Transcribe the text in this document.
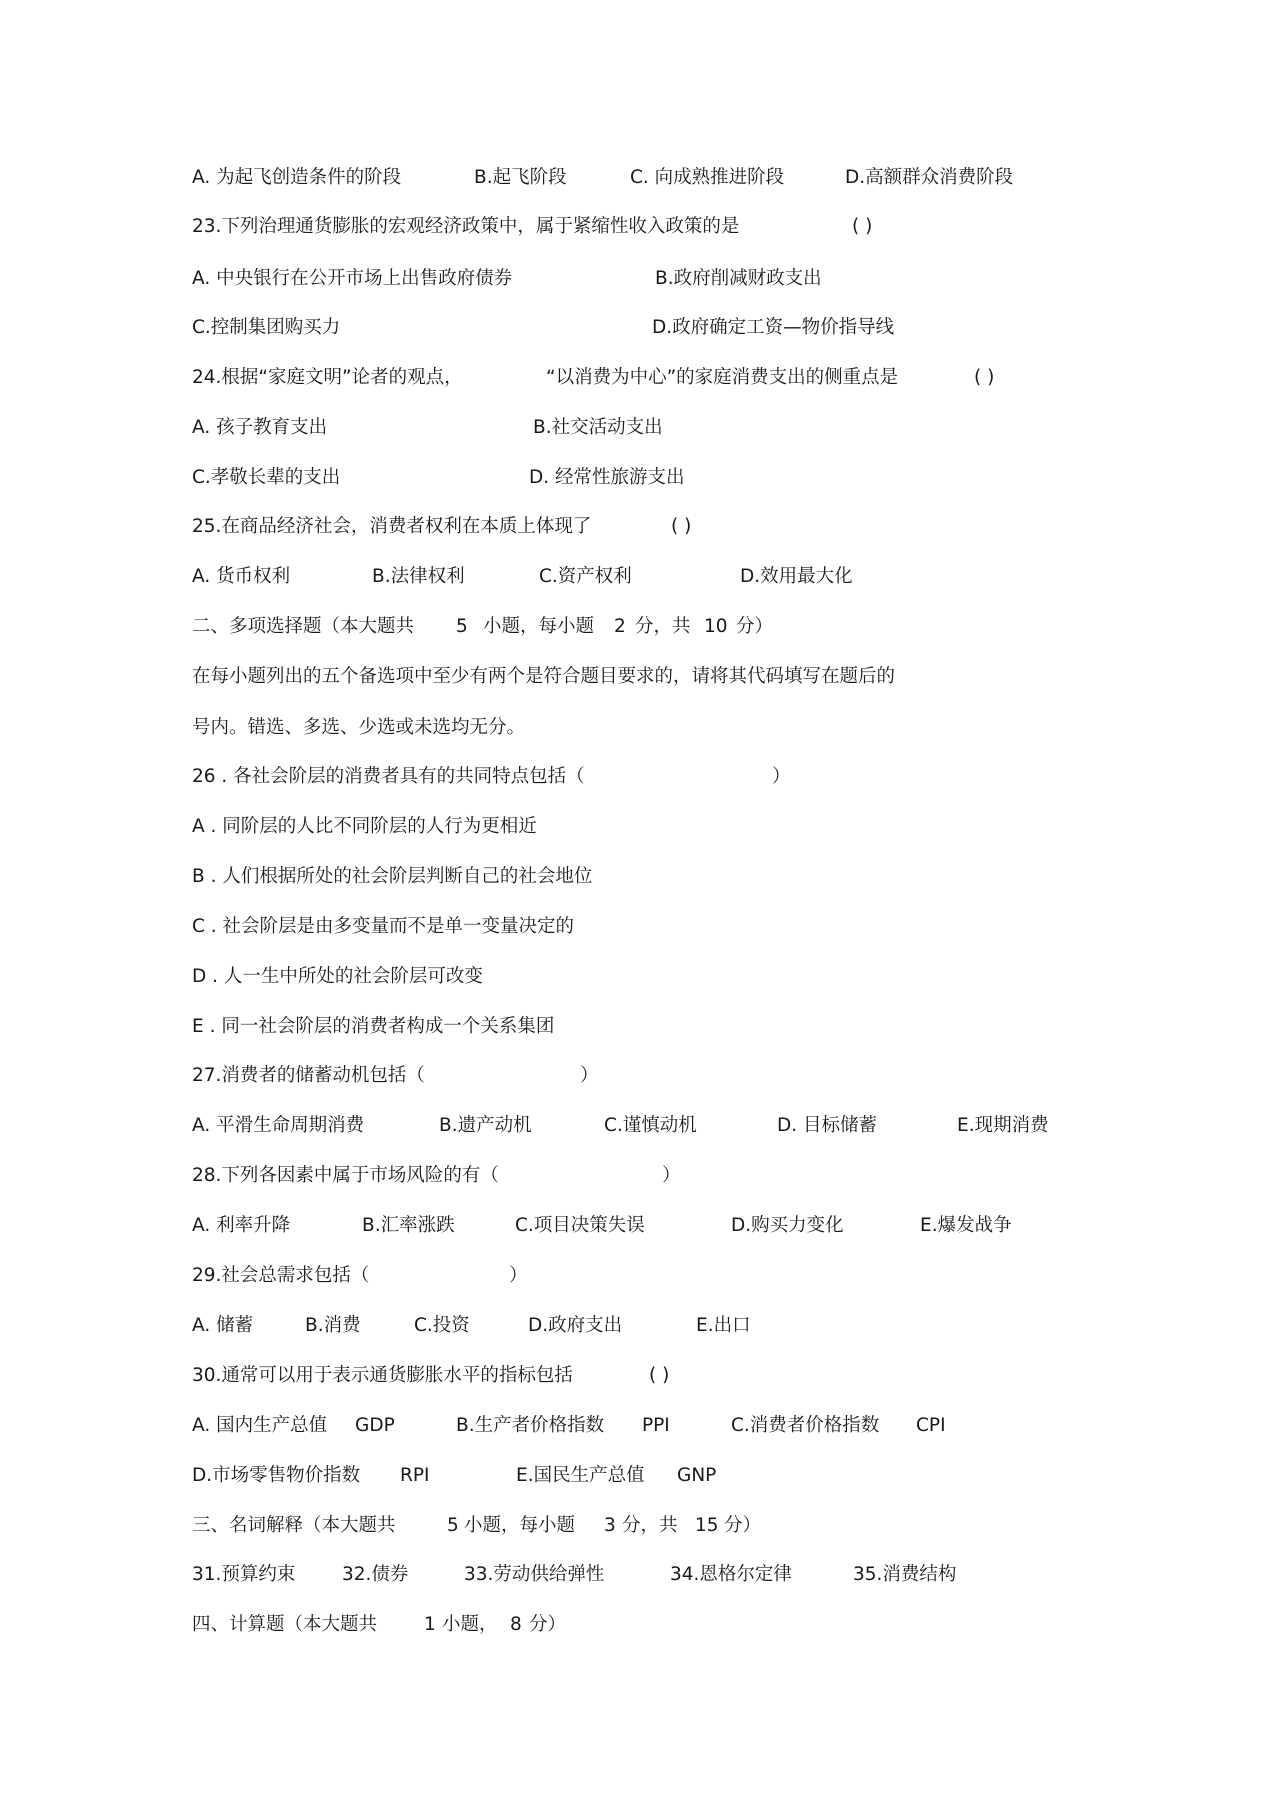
A. 为起飞创造条件的阶段	B.起飞阶段	C. 向成熟推进阶段	D.高额群众消费阶段
23.下列治理通货膨胀的宏观经济政策中，属于紧缩性收入政策的是	( )
A. 中央银行在公开市场上出售政府债券	B.政府削减财政支出
C.控制集团购买力	D.政府确定工资—物价指导线
24.根据“家庭文明”论者的观点，	“以消费为中心”的家庭消费支出的侧重点是	( )
A. 孩子教育支出	B.社交活动支出
C.孝敬长辈的支出	D. 经常性旅游支出
25.在商品经济社会，消费者权利在本质上体现了	( )
A. 货币权利	B.法律权利	C.资产权利	D.效用最大化
二、多项选择题（本大题共 5 小题，每小题 2 分，共 10 分）
在每小题列出的五个备选项中至少有两个是符合题目要求的，请将其代码填写在题后的
号内。错选、多选、少选或未选均无分。
26 . 各社会阶层的消费者具有的共同特点包括（	）
A . 同阶层的人比不同阶层的人行为更相近
B . 人们根据所处的社会阶层判断自己的社会地位
C . 社会阶层是由多变量而不是单一变量决定的
D . 人一生中所处的社会阶层可改变
E . 同一社会阶层的消费者构成一个关系集团
27.消费者的储蓄动机包括（	）
A. 平滑生命周期消费	B.遗产动机	C.谨慎动机	D. 目标储蓄	E.现期消费
28.下列各因素中属于市场风险的有（	）
A. 利率升降	B.汇率涨跌	C.项目决策失误	D.购买力变化	E.爆发战争
29.社会总需求包括（	）
A. 储蓄	B.消费	C.投资	D.政府支出	E.出口
30.通常可以用于表示通货膨胀水平的指标包括	( )
A. 国内生产总值 GDP	B.生产者价格指数 PPI	C.消费者价格指数 CPI
D.市场零售物价指数 RPI	E.国民生产总值 GNP
三、名词解释（本大题共	5 小题，每小题 3 分，共 15 分）
31.预算约束	32.债券	33.劳动供给弹性	34.恩格尔定律	35.消费结构
四、计算题（本大题共	1 小题， 8 分）
